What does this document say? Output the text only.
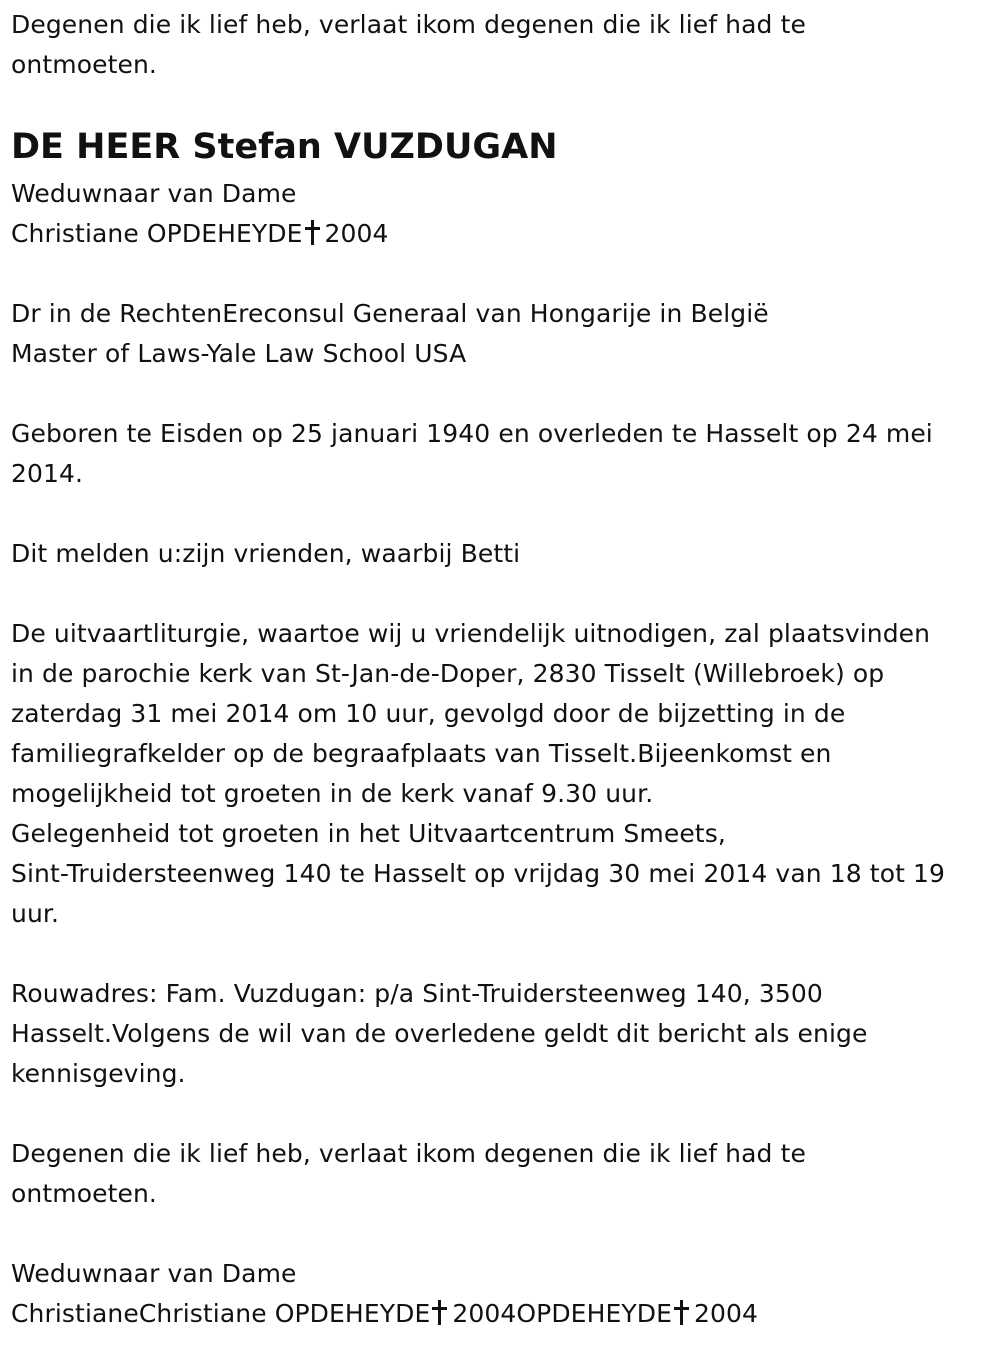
Degenen die ik lief heb, verlaat ikom degenen die ik lief had te
ontmoeten.
DE HEER Stefan VUZDUGAN
Weduwnaar van Dame
Christiane OPDEHEYDE 2004
Dr in de RechtenEreconsul Generaal van Hongarije in België
Master of Laws-Yale Law School USA
Geboren te Eisden op 25 januari 1940 en overleden te Hasselt op 24 mei
2014.
Dit melden u:zijn vrienden, waarbij Betti
De uitvaartliturgie, waartoe wij u vriendelijk uitnodigen, zal plaatsvinden
in de parochie kerk van St-Jan-de-Doper, 2830 Tisselt (Willebroek) op
zaterdag 31 mei 2014 om 10 uur, gevolgd door de bijzetting in de
familiegrafkelder op de begraafplaats van Tisselt.Bijeenkomst en
mogelijkheid tot groeten in de kerk vanaf 9.30 uur.
Gelegenheid tot groeten in het Uitvaartcentrum Smeets,
Sint-Truidersteenweg 140 te Hasselt op vrijdag 30 mei 2014 van 18 tot 19
uur.
Rouwadres: Fam. Vuzdugan: p/a Sint-Truidersteenweg 140, 3500
Hasselt.Volgens de wil van de overledene geldt dit bericht als enige
kennisgeving.
Degenen die ik lief heb, verlaat ikom degenen die ik lief had te
ontmoeten.
Weduwnaar van Dame
ChristianeChristiane OPDEHEYDE 2004OPDEHEYDE 2004
